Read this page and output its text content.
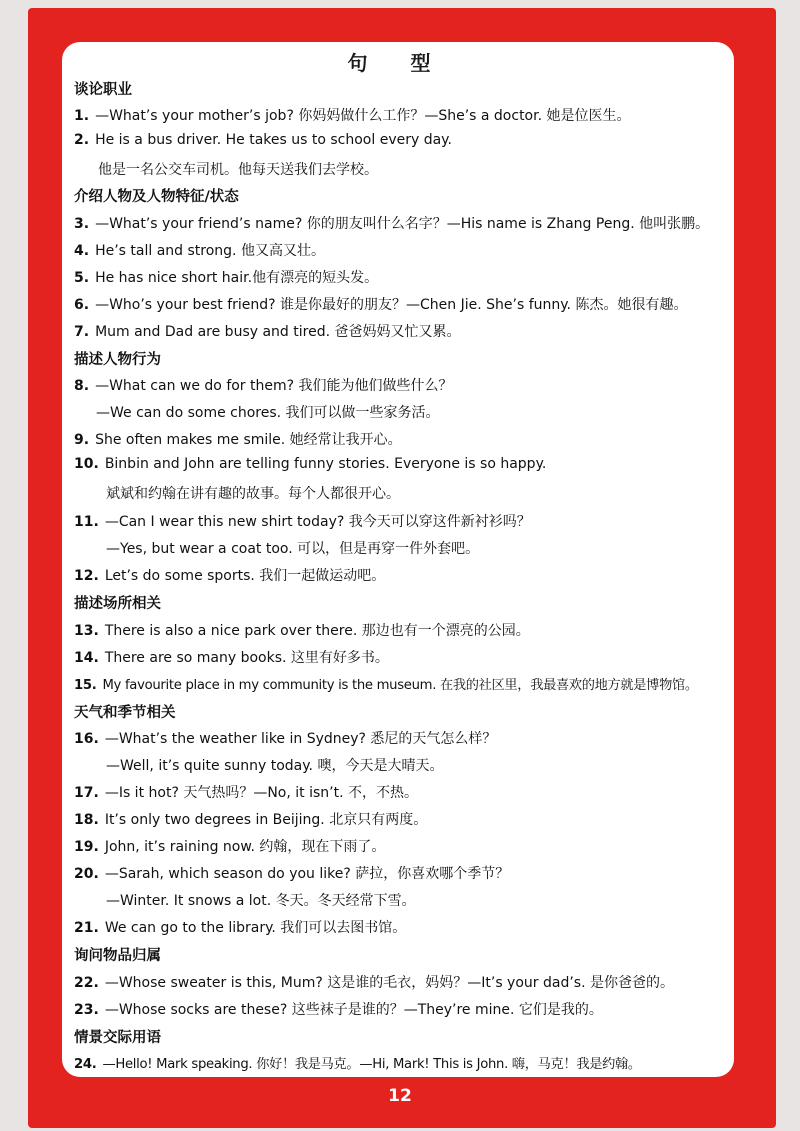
句 型
谈论职业
1. —What’s your mother’s job? 你妈妈做什么工作？—She’s a doctor. 她是位医生。
2. He is a bus driver. He takes us to school every day.
他是一名公交车司机。他每天送我们去学校。
介绍人物及人物特征/状态
3. —What’s your friend’s name? 你的朋友叫什么名字？—His name is Zhang Peng. 他叫张鹏。
4. He’s tall and strong. 他又高又壮。
5. He has nice short hair.他有漂亮的短头发。
6. —Who’s your best friend? 谁是你最好的朋友？—Chen Jie. She’s funny. 陈杰。她很有趣。
7. Mum and Dad are busy and tired. 爸爸妈妈又忙又累。
描述人物行为
8. —What can we do for them? 我们能为他们做些什么？
—We can do some chores. 我们可以做一些家务活。
9. She often makes me smile. 她经常让我开心。
10. Binbin and John are telling funny stories. Everyone is so happy.
斌斌和约翰在讲有趣的故事。每个人都很开心。
11. —Can I wear this new shirt today? 我今天可以穿这件新衬衫吗？
—Yes, but wear a coat too. 可以，但是再穿一件外套吧。
12. Let’s do some sports. 我们一起做运动吧。
描述场所相关
13. There is also a nice park over there. 那边也有一个漂亮的公园。
14. There are so many books. 这里有好多书。
15. My favourite place in my community is the museum. 在我的社区里，我最喜欢的地方就是博物馆。
天气和季节相关
16. —What’s the weather like in Sydney? 悉尼的天气怎么样？
—Well, it’s quite sunny today. 噢，今天是大晴天。
17. —Is it hot? 天气热吗？—No, it isn’t. 不，不热。
18. It’s only two degrees in Beijing. 北京只有两度。
19. John, it’s raining now. 约翰，现在下雨了。
20. —Sarah, which season do you like? 萨拉，你喜欢哪个季节？
—Winter. It snows a lot. 冬天。冬天经常下雪。
21. We can go to the library. 我们可以去图书馆。
询问物品归属
22. —Whose sweater is this, Mum? 这是谁的毛衣，妈妈？—It’s your dad’s. 是你爸爸的。
23. —Whose socks are these? 这些袜子是谁的？—They’re mine. 它们是我的。
情景交际用语
24. —Hello! Mark speaking. 你好！我是马克。—Hi, Mark! This is John. 嗨，马克！我是约翰。
12
